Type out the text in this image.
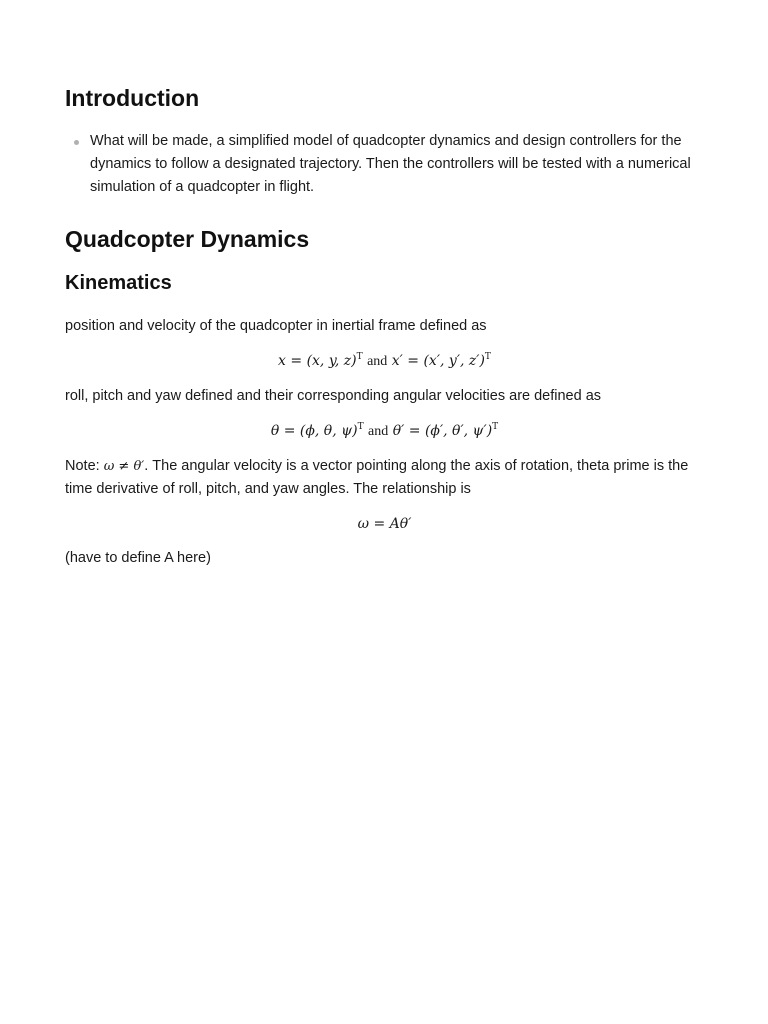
Introduction
What will be made, a simplified model of quadcopter dynamics and design controllers for the dynamics to follow a designated trajectory. Then the controllers will be tested with a numerical simulation of a quadcopter in flight.
Quadcopter Dynamics
Kinematics

position and velocity of the quadcopter in inertial frame defined as

x = (x, y, z)$^T$ and x′ = (x′, y′, z′)$^T$

roll, pitch and yaw defined and their corresponding angular velocities are defined as

θ = (ϕ, θ, ψ)$^T$ and θ′ = (ϕ′, θ′, ψ′)$^T$

Note: ω ≠ θ′. The angular velocity is a vector pointing along the axis of rotation, theta prime is the time derivative of roll, pitch, and yaw angles. The relationship is

ω = Aθ′

(have to define A here)
